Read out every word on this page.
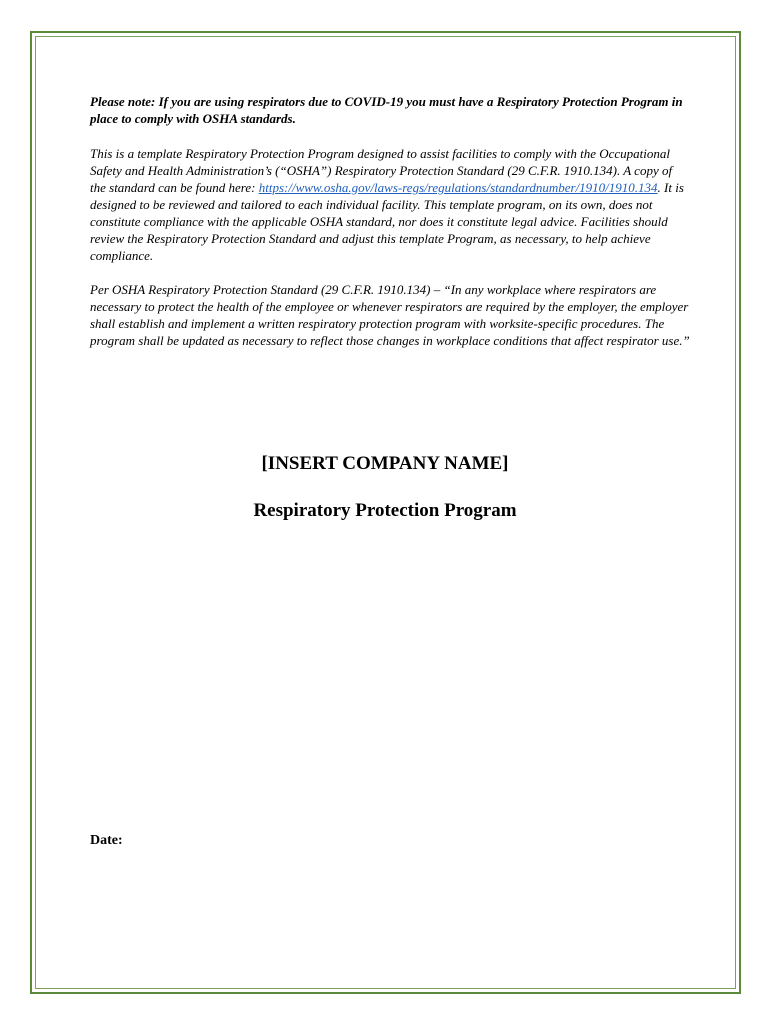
Please note: If you are using respirators due to COVID-19 you must have a Respiratory Protection Program in place to comply with OSHA standards.

This is a template Respiratory Protection Program designed to assist facilities to comply with the Occupational Safety and Health Administration’s (“OSHA”) Respiratory Protection Standard (29 C.F.R. 1910.134). A copy of the standard can be found here: https://www.osha.gov/laws-regs/regulations/standardnumber/1910/1910.134. It is designed to be reviewed and tailored to each individual facility. This template program, on its own, does not constitute compliance with the applicable OSHA standard, nor does it constitute legal advice. Facilities should review the Respiratory Protection Standard and adjust this template Program, as necessary, to help achieve compliance.

Per OSHA Respiratory Protection Standard (29 C.F.R. 1910.134) – “In any workplace where respirators are necessary to protect the health of the employee or whenever respirators are required by the employer, the employer shall establish and implement a written respiratory protection program with worksite-specific procedures. The program shall be updated as necessary to reflect those changes in workplace conditions that affect respirator use.”

[INSERT COMPANY NAME]
Respiratory Protection Program
Date:
